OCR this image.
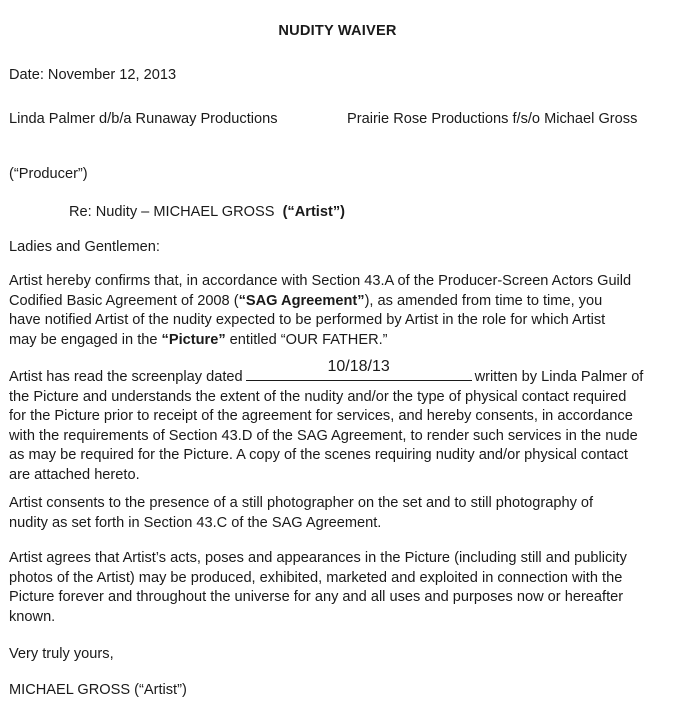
NUDITY WAIVER
Date: November 12, 2013
Linda Palmer d/b/a Runaway Productions	Prairie Rose Productions f/s/o Michael Gross
(“Producer”)
Re: Nudity – MICHAEL GROSS (“Artist”)
Ladies and Gentlemen:
Artist hereby confirms that, in accordance with Section 43.A of the Producer-Screen Actors Guild
Codified Basic Agreement of 2008 (“SAG Agreement”), as amended from time to time, you
have notified Artist of the nudity expected to be performed by Artist in the role for which Artist
may be engaged in the “Picture” entitled “OUR FATHER.”
Artist has read the screenplay dated
10/18/13
written by Linda Palmer of
the Picture and understands the extent of the nudity and/or the type of physical contact required
for the Picture prior to receipt of the agreement for services, and hereby consents, in accordance
with the requirements of Section 43.D of the SAG Agreement, to render such services in the nude
as may be required for the Picture. A copy of the scenes requiring nudity and/or physical contact
are attached hereto.
Artist consents to the presence of a still photographer on the set and to still photography of
nudity as set forth in Section 43.C of the SAG Agreement.
Artist agrees that Artist’s acts, poses and appearances in the Picture (including still and publicity
photos of the Artist) may be produced, exhibited, marketed and exploited in connection with the
Picture forever and throughout the universe for any and all uses and purposes now or hereafter
known.
Very truly yours,
MICHAEL GROSS (“Artist”)
